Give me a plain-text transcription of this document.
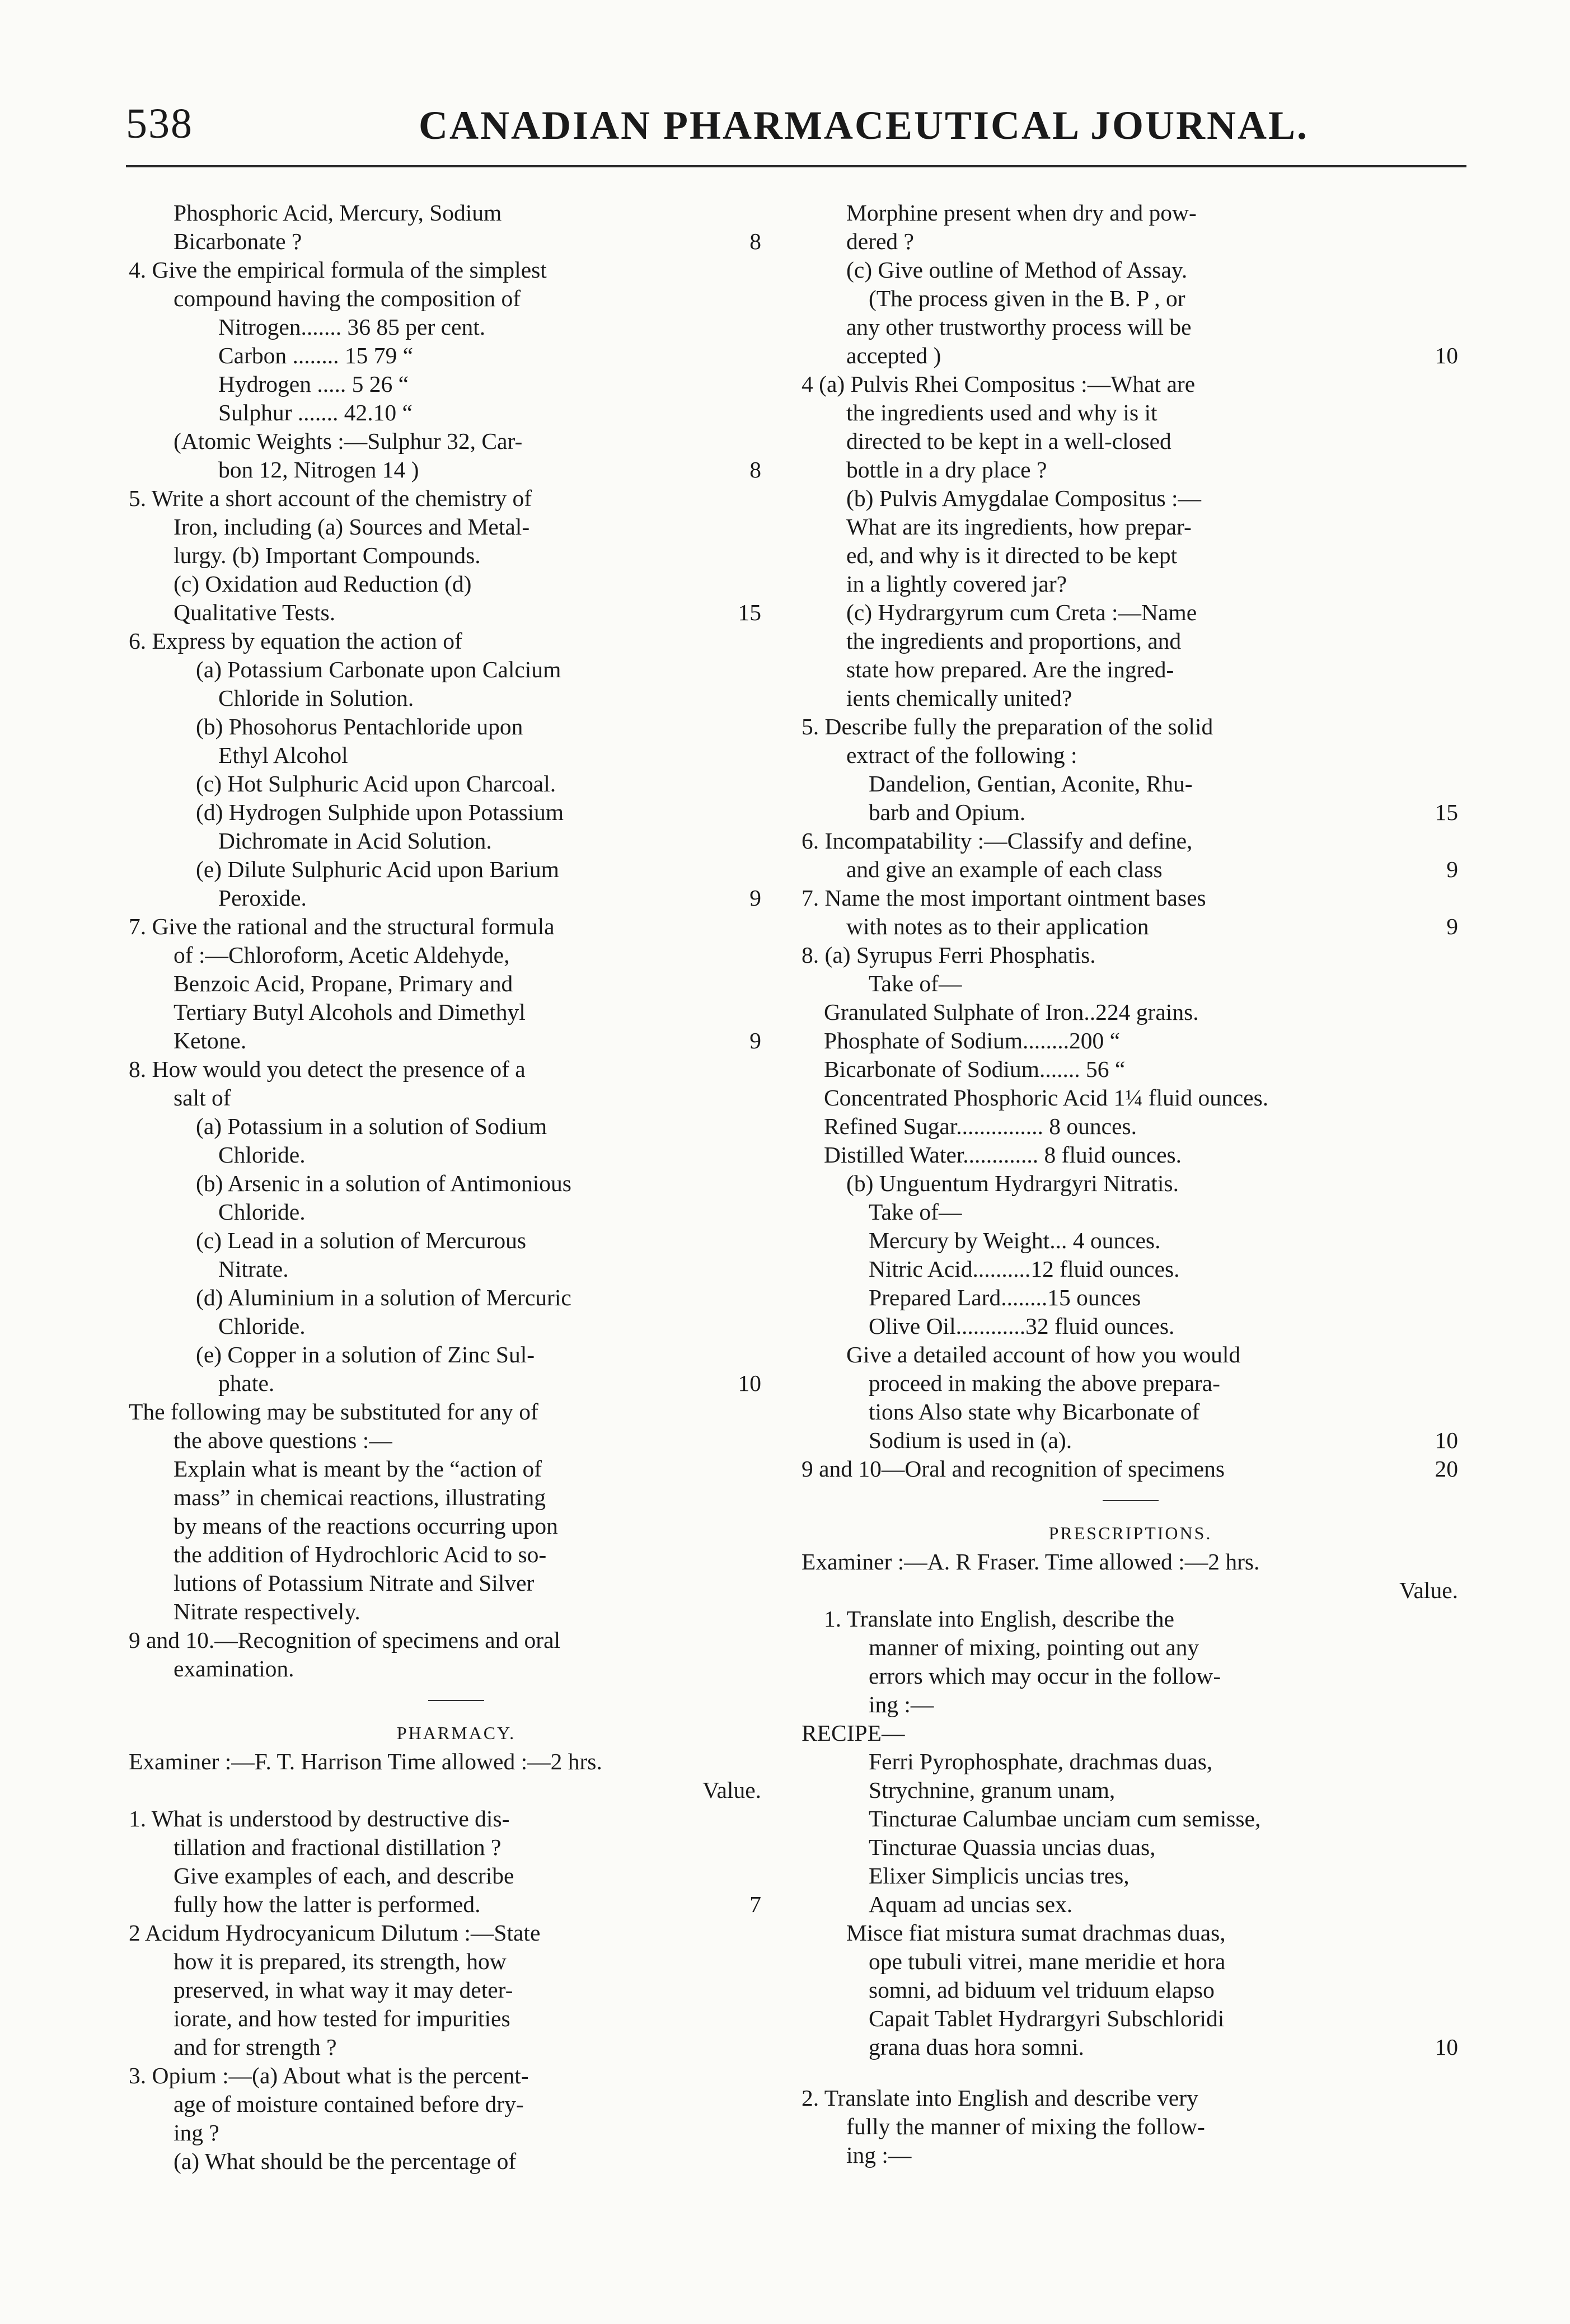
538	CANADIAN PHARMACEUTICAL JOURNAL.
Phosphoric Acid, Mercury, Sodium
Bicarbonate ?	8
4. Give the empirical formula of the simplest
compound having the composition of
Nitrogen....... 36 85 per cent.
Carbon ........ 15 79 “
Hydrogen ..... 5 26 “
Sulphur ....... 42.10 “
(Atomic Weights :—Sulphur 32, Car-
bon 12, Nitrogen 14 )	8
5. Write a short account of the chemistry of
Iron, including (a) Sources and Metal-
lurgy. (b) Important Compounds.
(c) Oxidation aud Reduction (d)
Qualitative Tests.	15
6. Express by equation the action of
(a) Potassium Carbonate upon Calcium
Chloride in Solution.
(b) Phosohorus Pentachloride upon
Ethyl Alcohol
(c) Hot Sulphuric Acid upon Charcoal.
(d) Hydrogen Sulphide upon Potassium
Dichromate in Acid Solution.
(e) Dilute Sulphuric Acid upon Barium
Peroxide.	9
7. Give the rational and the structural formula
of :—Chloroform, Acetic Aldehyde,
Benzoic Acid, Propane, Primary and
Tertiary Butyl Alcohols and Dimethyl
Ketone.	9
8. How would you detect the presence of a
salt of
(a) Potassium in a solution of Sodium
Chloride.
(b) Arsenic in a solution of Antimonious
Chloride.
(c) Lead in a solution of Mercurous
Nitrate.
(d) Aluminium in a solution of Mercuric
Chloride.
(e) Copper in a solution of Zinc Sul-
phate.	10
The following may be substituted for any of
the above questions :—
Explain what is meant by the “action of
mass” in chemicai reactions, illustrating
by means of the reactions occurring upon
the addition of Hydrochloric Acid to so-
lutions of Potassium Nitrate and Silver
Nitrate respectively.
9 and 10.—Recognition of specimens and oral
examination.
PHARMACY.
Examiner :—F. T. Harrison Time allowed :—2 hrs.
Value.
1. What is understood by destructive dis-
tillation and fractional distillation ?
Give examples of each, and describe
fully how the latter is performed.	7
2 Acidum Hydrocyanicum Dilutum :—State
how it is prepared, its strength, how
preserved, in what way it may deter-
iorate, and how tested for impurities
and for strength ?
3. Opium :—(a) About what is the percent-
age of moisture contained before dry-
ing ?
(a) What should be the percentage of
Morphine present when dry and pow-
dered ?
(c) Give outline of Method of Assay.
(The process given in the B. P , or
any other trustworthy process will be
accepted )	10
4 (a) Pulvis Rhei Compositus :—What are
the ingredients used and why is it
directed to be kept in a well-closed
bottle in a dry place ?
(b) Pulvis Amygdalae Compositus :—
What are its ingredients, how prepar-
ed, and why is it directed to be kept
in a lightly covered jar?
(c) Hydrargyrum cum Creta :—Name
the ingredients and proportions, and
state how prepared. Are the ingred-
ients chemically united?
5. Describe fully the preparation of the solid
extract of the following :
Dandelion, Gentian, Aconite, Rhu-
barb and Opium.	15
6. Incompatability :—Classify and define,
and give an example of each class	9
7. Name the most important ointment bases
with notes as to their application	9
8. (a) Syrupus Ferri Phosphatis.
Take of—
Granulated Sulphate of Iron..224 grains.
Phosphate of Sodium........200 “
Bicarbonate of Sodium....... 56 “
Concentrated Phosphoric Acid 1¼ fluid ounces.
Refined Sugar............... 8 ounces.
Distilled Water............. 8 fluid ounces.
(b) Unguentum Hydrargyri Nitratis.
Take of—
Mercury by Weight... 4 ounces.
Nitric Acid..........12 fluid ounces.
Prepared Lard........15 ounces
Olive Oil............32 fluid ounces.
Give a detailed account of how you would
proceed in making the above prepara-
tions Also state why Bicarbonate of
Sodium is used in (a).	10
9 and 10—Oral and recognition of specimens	20
PRESCRIPTIONS.
Examiner :—A. R Fraser. Time allowed :—2 hrs.
Value.
1. Translate into English, describe the
manner of mixing, pointing out any
errors which may occur in the follow-
ing :—
RECIPE—
Ferri Pyrophosphate, drachmas duas,
Strychnine, granum unam,
Tincturae Calumbae unciam cum semisse,
Tincturae Quassia uncias duas,
Elixer Simplicis uncias tres,
Aquam ad uncias sex.
Misce fiat mistura sumat drachmas duas,
ope tubuli vitrei, mane meridie et hora
somni, ad biduum vel triduum elapso
Capait Tablet Hydrargyri Subschloridi
grana duas hora somni.	10
2. Translate into English and describe very
fully the manner of mixing the follow-
ing :—
